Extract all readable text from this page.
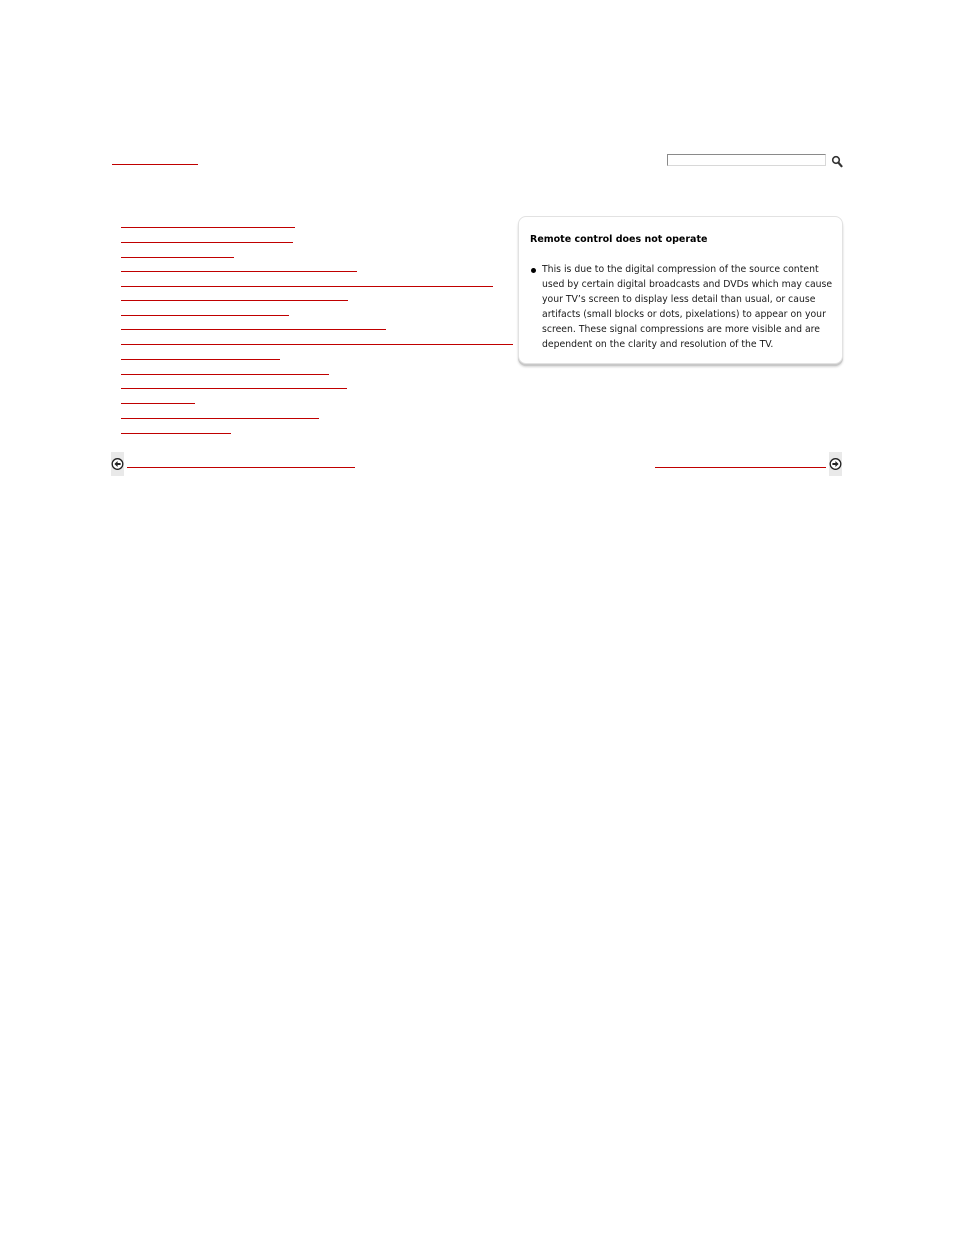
Remote control does not operate
This is due to the digital compression of the source content used by certain digital broadcasts and DVDs which may cause your TV’s screen to display less detail than usual, or cause artifacts (small blocks or dots, pixelations) to appear on your screen. These signal compressions are more visible and are dependent on the clarity and resolution of the TV.
